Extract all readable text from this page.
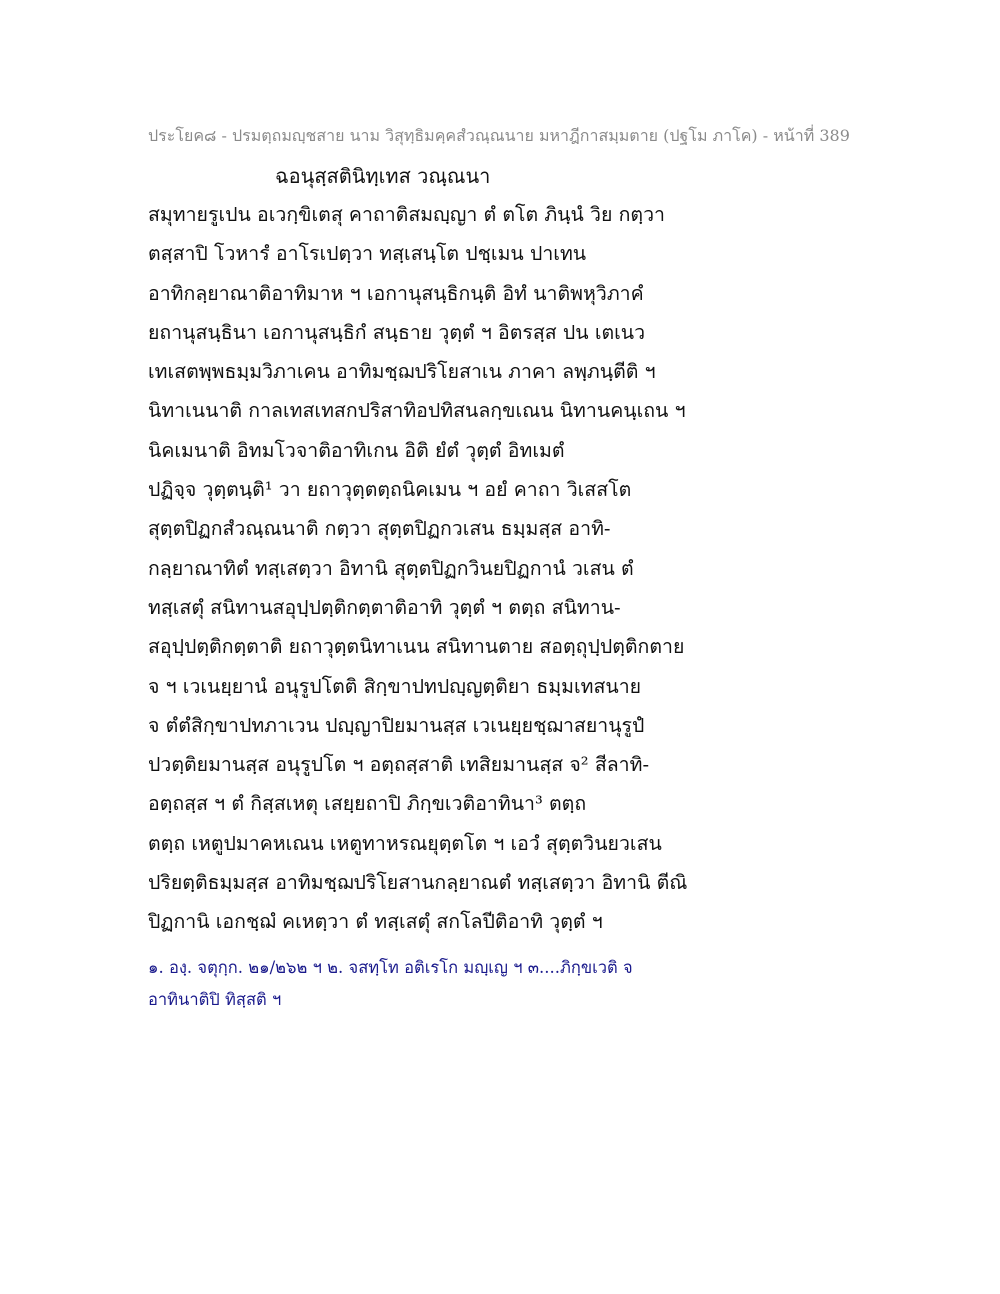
ประโยค๘ - ปรมตฺถมญฺชสาย นาม วิสุทฺธิมคฺคสํวณฺณนาย มหาฎีกาสมฺมตาย (ปฐโม ภาโค) - หน้าที่ 389
ฉอนุสฺสตินิทฺเทส วณฺณนา
สมุทายรูเปน อเวกฺขิเตสุ คาถาติสมญฺญา ตํ ตโต ภินฺนํ วิย กตฺวา
ตสฺสาปิ โวหารํ อาโรเปตฺวา ทสฺเสนฺโต ปชฺเมน ปาเทน
อาทิกลฺยาณาติอาทิมาห ฯ เอกานุสนฺธิกนฺติ อิทํ นาติพหุวิภาคํ
ยถานุสนฺธินา เอกานุสนฺธิกํ สนฺธาย วุตฺตํ ฯ อิตรสฺส ปน เตเนว
เทเสตพฺพธมฺมวิภาเคน อาทิมชฺฌปริโยสาเน ภาคา ลพฺภนฺตีติ ฯ
นิทาเนนาติ กาลเทสเทสกปริสาทิอปทิสนลกฺขเณน นิทานคนฺเถน ฯ
นิคเมนาติ อิทมโวจาติอาทิเกน อิติ ยํตํ วุตฺตํ อิทเมตํ
ปฏิจฺจ วุตฺตนฺติ¹ วา ยถาวุตฺตตฺถนิคเมน ฯ อยํ คาถา วิเสสโต
สุตฺตปิฏกสํวณฺณนาติ กตฺวา สุตฺตปิฏกวเสน ธมฺมสฺส อาทิ-
กลฺยาณาทิตํ ทสฺเสตฺวา อิทานิ สุตฺตปิฏกวินยปิฏกานํ วเสน ตํ
ทสฺเสตุํ สนิทานสอุปฺปตฺติกตฺตาติอาทิ วุตฺตํ ฯ ตตฺถ สนิทาน-
สอุปฺปตฺติกตฺตาติ ยถาวุตฺตนิทาเนน สนิทานตาย สอตฺถุปฺปตฺติกตาย
จ ฯ เวเนยฺยานํ อนุรูปโตติ สิกฺขาปทปญฺญตฺติยา ธมฺมเทสนาย
จ ตํตํสิกฺขาปทภาเวน ปญฺญาปิยมานสฺส เวเนยฺยชฺฌาสยานุรูปํ
ปวตฺติยมานสฺส อนุรูปโต ฯ อตฺถสฺสาติ เทสิยมานสฺส จ² สีลาทิ-
อตฺถสฺส ฯ ตํ กิสฺสเหตุ เสยฺยถาปิ ภิกฺขเวติอาทินา³ ตตฺถ
ตตฺถ เหตูปมาคหเณน เหตูทาหรณยุตฺตโต ฯ เอวํ สุตฺตวินยวเสน
ปริยตฺติธมฺมสฺส อาทิมชฺฌปริโยสานกลฺยาณตํ ทสฺเสตฺวา อิทานิ ตีณิ
ปิฏกานิ เอกชฺฌํ คเหตฺวา ตํ ทสฺเสตุํ สกโลปีติอาทิ วุตฺตํ ฯ
๑. องฺ. จตุกฺก. ๒๑/๒๖๒ ฯ ๒. จสทฺโท อติเรโก มญฺเญ ฯ ๓....ภิกฺขเวติ จ
อาทินาติปิ ทิสฺสติ ฯ
